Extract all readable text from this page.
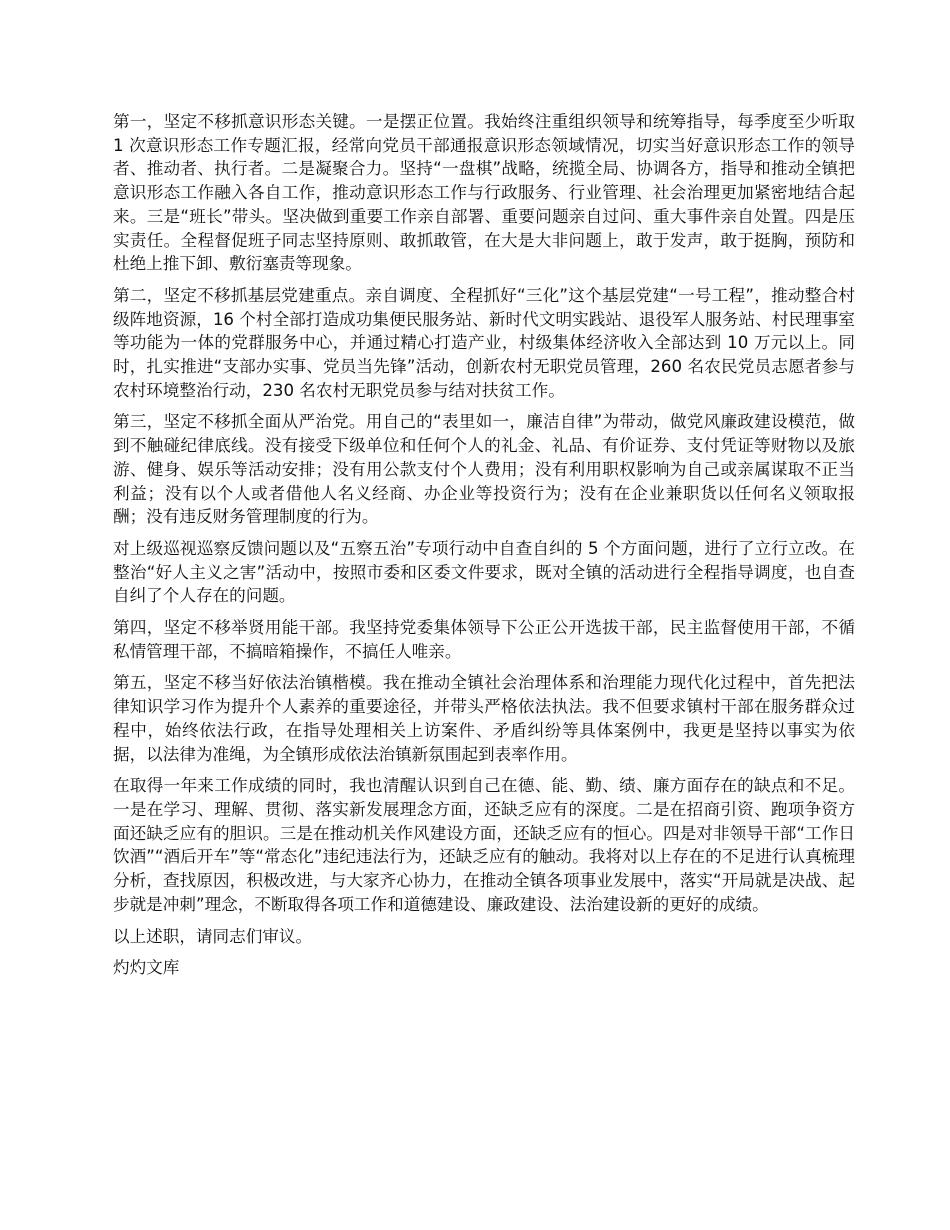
第一，坚定不移抓意识形态关键。一是摆正位置。我始终注重组织领导和统筹指导，每季度至少听取 1 次意识形态工作专题汇报，经常向党员干部通报意识形态领域情况，切实当好意识形态工作的领导者、推动者、执行者。二是凝聚合力。坚持“一盘棋”战略，统揽全局、协调各方，指导和推动全镇把意识形态工作融入各自工作，推动意识形态工作与行政服务、行业管理、社会治理更加紧密地结合起来。三是“班长”带头。坚决做到重要工作亲自部署、重要问题亲自过问、重大事件亲自处置。四是压实责任。全程督促班子同志坚持原则、敢抓敢管，在大是大非问题上，敢于发声，敢于挺胸，预防和杜绝上推下卸、敷衍塞责等现象。

第二，坚定不移抓基层党建重点。亲自调度、全程抓好“三化”这个基层党建“一号工程”，推动整合村级阵地资源，16 个村全部打造成功集便民服务站、新时代文明实践站、退役军人服务站、村民理事室等功能为一体的党群服务中心，并通过精心打造产业，村级集体经济收入全部达到 10 万元以上。同时，扎实推进“支部办实事、党员当先锋”活动，创新农村无职党员管理，260 名农民党员志愿者参与农村环境整治行动，230 名农村无职党员参与结对扶贫工作。

第三，坚定不移抓全面从严治党。用自己的“表里如一，廉洁自律”为带动，做党风廉政建设模范，做到不触碰纪律底线。没有接受下级单位和任何个人的礼金、礼品、有价证券、支付凭证等财物以及旅游、健身、娱乐等活动安排；没有用公款支付个人费用；没有利用职权影响为自己或亲属谋取不正当利益；没有以个人或者借他人名义经商、办企业等投资行为；没有在企业兼职货以任何名义领取报酬；没有违反财务管理制度的行为。

对上级巡视巡察反馈问题以及“五察五治”专项行动中自查自纠的 5 个方面问题，进行了立行立改。在整治“好人主义之害”活动中，按照市委和区委文件要求，既对全镇的活动进行全程指导调度，也自查自纠了个人存在的问题。

第四，坚定不移举贤用能干部。我坚持党委集体领导下公正公开选拔干部，民主监督使用干部，不循私情管理干部，不搞暗箱操作，不搞任人唯亲。

第五，坚定不移当好依法治镇楷模。我在推动全镇社会治理体系和治理能力现代化过程中，首先把法律知识学习作为提升个人素养的重要途径，并带头严格依法执法。我不但要求镇村干部在服务群众过程中，始终依法行政，在指导处理相关上访案件、矛盾纠纷等具体案例中，我更是坚持以事实为依据，以法律为准绳，为全镇形成依法治镇新氛围起到表率作用。

在取得一年来工作成绩的同时，我也清醒认识到自己在德、能、勤、绩、廉方面存在的缺点和不足。一是在学习、理解、贯彻、落实新发展理念方面，还缺乏应有的深度。二是在招商引资、跑项争资方面还缺乏应有的胆识。三是在推动机关作风建设方面，还缺乏应有的恒心。四是对非领导干部“工作日饮酒”“酒后开车”等“常态化”违纪违法行为，还缺乏应有的触动。我将对以上存在的不足进行认真梳理分析，查找原因，积极改进，与大家齐心协力，在推动全镇各项事业发展中，落实“开局就是决战、起步就是冲刺”理念，不断取得各项工作和道德建设、廉政建设、法治建设新的更好的成绩。

以上述职，请同志们审议。

灼灼文库
